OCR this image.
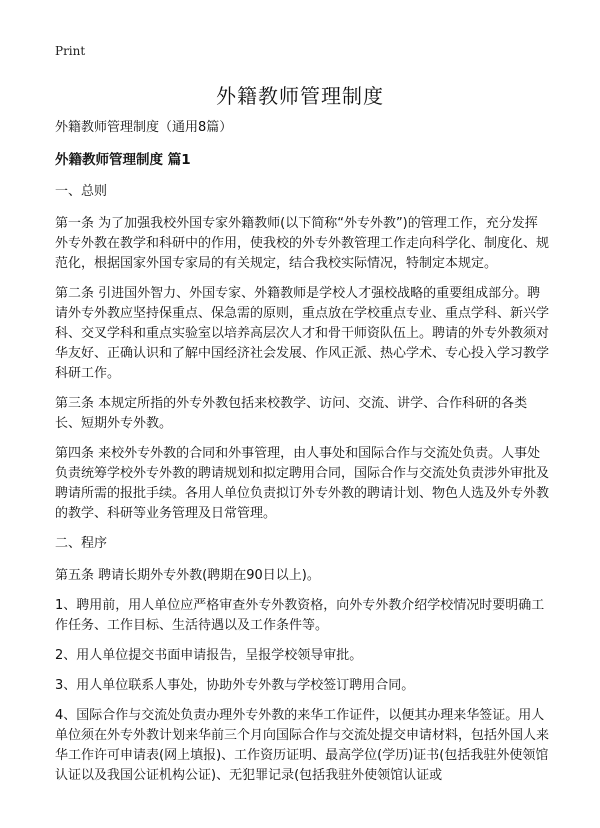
Print
外籍教师管理制度

外籍教师管理制度（通用8篇）

外籍教师管理制度 篇1

一、总则

第一条 为了加强我校外国专家外籍教师(以下简称“外专外教”)的管理工作，充分发挥外专外教在教学和科研中的作用，使我校的外专外教管理工作走向科学化、制度化、规范化，根据国家外国专家局的有关规定，结合我校实际情况，特制定本规定。

第二条 引进国外智力、外国专家、外籍教师是学校人才强校战略的重要组成部分。聘请外专外教应坚持保重点、保急需的原则，重点放在学校重点专业、重点学科、新兴学科、交叉学科和重点实验室以培养高层次人才和骨干师资队伍上。聘请的外专外教须对华友好、正确认识和了解中国经济社会发展、作风正派、热心学术、专心投入学习教学科研工作。

第三条 本规定所指的外专外教包括来校教学、访问、交流、讲学、合作科研的各类长、短期外专外教。

第四条 来校外专外教的合同和外事管理，由人事处和国际合作与交流处负责。人事处负责统筹学校外专外教的聘请规划和拟定聘用合同，国际合作与交流处负责涉外审批及聘请所需的报批手续。各用人单位负责拟订外专外教的聘请计划、物色人选及外专外教的教学、科研等业务管理及日常管理。

二、程序

第五条 聘请长期外专外教(聘期在90日以上)。

1、聘用前，用人单位应严格审查外专外教资格，向外专外教介绍学校情况时要明确工作任务、工作目标、生活待遇以及工作条件等。

2、用人单位提交书面申请报告，呈报学校领导审批。

3、用人单位联系人事处，协助外专外教与学校签订聘用合同。

4、国际合作与交流处负责办理外专外教的来华工作证件，以便其办理来华签证。用人单位须在外专外教计划来华前三个月向国际合作与交流处提交申请材料，包括外国人来华工作许可申请表(网上填报)、工作资历证明、最高学位(学历)证书(包括我驻外使领馆认证以及我国公证机构公证)、无犯罪记录(包括我驻外使领馆认证或
